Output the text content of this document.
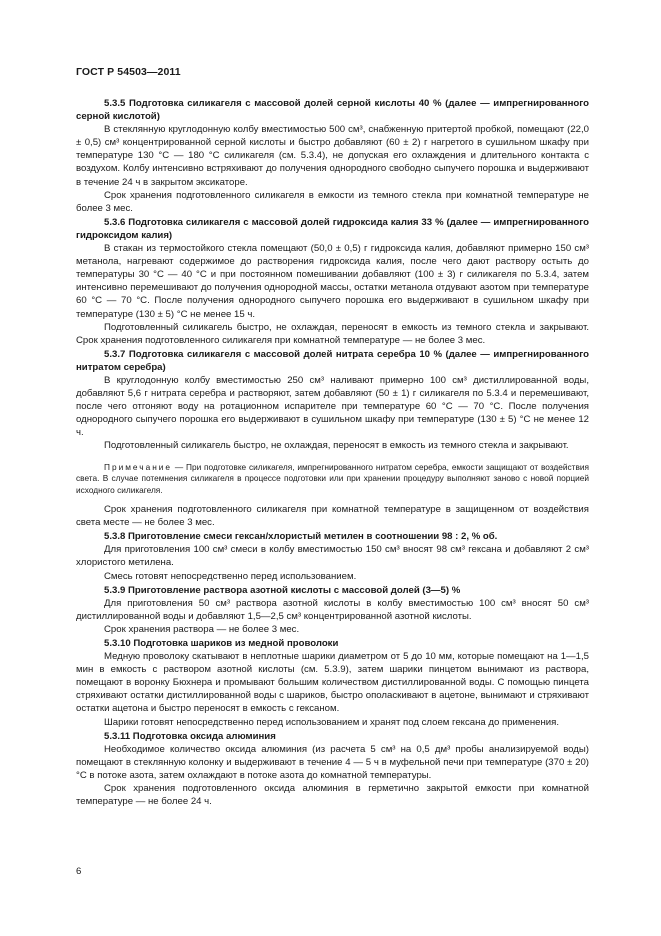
ГОСТ Р 54503—2011

5.3.5 Подготовка силикагеля с массовой долей серной кислоты 40 % (далее — импрегнированного серной кислотой)

В стеклянную круглодонную колбу вместимостью 500 см³, снабженную притертой пробкой, помещают (22,0 ± 0,5) см³ концентрированной серной кислоты и быстро добавляют (60 ± 2) г нагретого в сушильном шкафу при температуре 130 °С — 180 °С силикагеля (см. 5.3.4), не допуская его охлаждения и длительного контакта с воздухом. Колбу интенсивно встряхивают до получения однородного свободно сыпучего порошка и выдерживают в течение 24 ч в закрытом эксикаторе.

Срок хранения подготовленного силикагеля в емкости из темного стекла при комнатной температуре не более 3 мес.

5.3.6 Подготовка силикагеля с массовой долей гидроксида калия 33 % (далее — импрегнированного гидроксидом калия)

В стакан из термостойкого стекла помещают (50,0 ± 0,5) г гидроксида калия, добавляют примерно 150 см³ метанола, нагревают содержимое до растворения гидроксида калия, после чего дают раствору остыть до температуры 30 °С — 40 °С и при постоянном помешивании добавляют (100 ± 3) г силикагеля по 5.3.4, затем интенсивно перемешивают до получения однородной массы, остатки метанола отдувают азотом при температуре 60 °С — 70 °С. После получения однородного сыпучего порошка его выдерживают в сушильном шкафу при температуре (130 ± 5) °С не менее 15 ч.

Подготовленный силикагель быстро, не охлаждая, переносят в емкость из темного стекла и закрывают. Срок хранения подготовленного силикагеля при комнатной температуре — не более 3 мес.

5.3.7 Подготовка силикагеля с массовой долей нитрата серебра 10 % (далее — импрегнированного нитратом серебра)

В круглодонную колбу вместимостью 250 см³ наливают примерно 100 см³ дистиллированной воды, добавляют 5,6 г нитрата серебра и растворяют, затем добавляют (50 ± 1) г силикагеля по 5.3.4 и перемешивают, после чего отгоняют воду на ротационном испарителе при температуре 60 °С — 70 °С. После получения однородного сыпучего порошка его выдерживают в сушильном шкафу при температуре (130 ± 5) °С не менее 12 ч.

Подготовленный силикагель быстро, не охлаждая, переносят в емкость из темного стекла и закрывают.

Примечание — При подготовке силикагеля, импрегнированного нитратом серебра, емкости защищают от воздействия света. В случае потемнения силикагеля в процессе подготовки или при хранении процедуру выполняют заново с новой порцией исходного силикагеля.

Срок хранения подготовленного силикагеля при комнатной температуре в защищенном от воздействия света месте — не более 3 мес.

5.3.8 Приготовление смеси гексан/хлористый метилен в соотношении 98 : 2, % об.

Для приготовления 100 см³ смеси в колбу вместимостью 150 см³ вносят 98 см³ гексана и добавляют 2 см³ хлористого метилена.

Смесь готовят непосредственно перед использованием.

5.3.9 Приготовление раствора азотной кислоты с массовой долей (3—5) %

Для приготовления 50 см³ раствора азотной кислоты в колбу вместимостью 100 см³ вносят 50 см³ дистиллированной воды и добавляют 1,5—2,5 см³ концентрированной азотной кислоты.

Срок хранения раствора — не более 3 мес.

5.3.10 Подготовка шариков из медной проволоки

Медную проволоку скатывают в неплотные шарики диаметром от 5 до 10 мм, которые помещают на 1—1,5 мин в емкость с раствором азотной кислоты (см. 5.3.9), затем шарики пинцетом вынимают из раствора, помещают в воронку Бюхнера и промывают большим количеством дистиллированной воды. С помощью пинцета стряхивают остатки дистиллированной воды с шариков, быстро ополаскивают в ацетоне, вынимают и стряхивают остатки ацетона и быстро переносят в емкость с гексаном.

Шарики готовят непосредственно перед использованием и хранят под слоем гексана до применения.

5.3.11 Подготовка оксида алюминия

Необходимое количество оксида алюминия (из расчета 5 см³ на 0,5 дм³ пробы анализируемой воды) помещают в стеклянную колонку и выдерживают в течение 4 — 5 ч в муфельной печи при температуре (370 ± 20) °С в потоке азота, затем охлаждают в потоке азота до комнатной температуры.

Срок хранения подготовленного оксида алюминия в герметично закрытой емкости при комнатной температуре — не более 24 ч.

6
